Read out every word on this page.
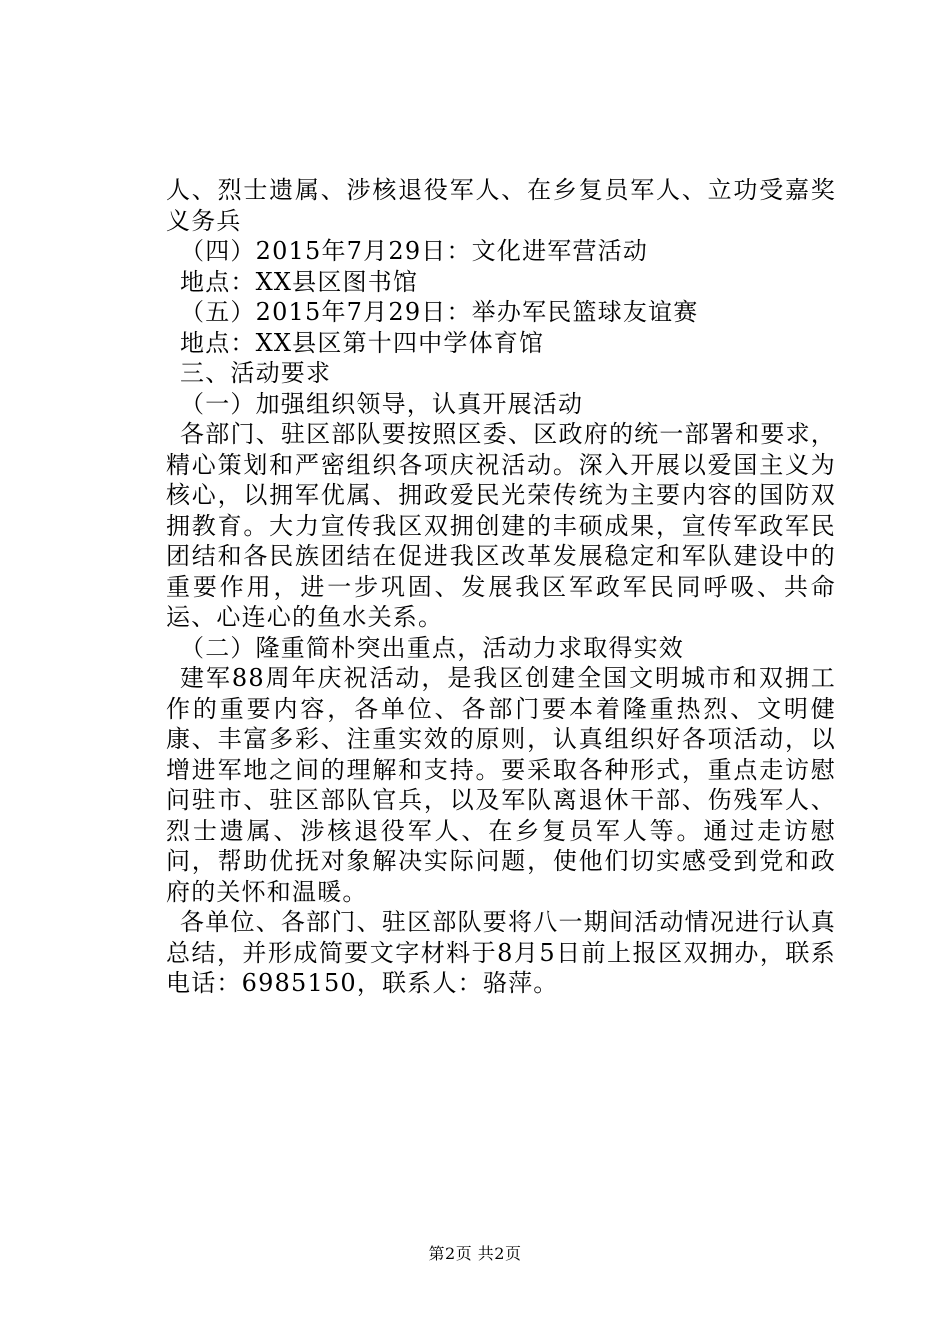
人、烈士遗属、涉核退役军人、在乡复员军人、立功受嘉奖义务兵

（四）2015年7月29日：文化进军营活动

地点：XX县区图书馆

（五）2015年7月29日：举办军民篮球友谊赛

地点：XX县区第十四中学体育馆

三、活动要求

（一）加强组织领导，认真开展活动

各部门、驻区部队要按照区委、区政府的统一部署和要求，精心策划和严密组织各项庆祝活动。深入开展以爱国主义为核心，以拥军优属、拥政爱民光荣传统为主要内容的国防双拥教育。大力宣传我区双拥创建的丰硕成果，宣传军政军民团结和各民族团结在促进我区改革发展稳定和军队建设中的重要作用，进一步巩固、发展我区军政军民同呼吸、共命运、心连心的鱼水关系。

（二）隆重简朴突出重点，活动力求取得实效

建军88周年庆祝活动，是我区创建全国文明城市和双拥工作的重要内容，各单位、各部门要本着隆重热烈、文明健康、丰富多彩、注重实效的原则，认真组织好各项活动，以增进军地之间的理解和支持。要采取各种形式，重点走访慰问驻市、驻区部队官兵，以及军队离退休干部、伤残军人、烈士遗属、涉核退役军人、在乡复员军人等。通过走访慰问，帮助优抚对象解决实际问题，使他们切实感受到党和政府的关怀和温暖。

各单位、各部门、驻区部队要将八一期间活动情况进行认真总结，并形成简要文字材料于8月5日前上报区双拥办，联系电话：6985150，联系人：骆萍。

第2页 共2页
